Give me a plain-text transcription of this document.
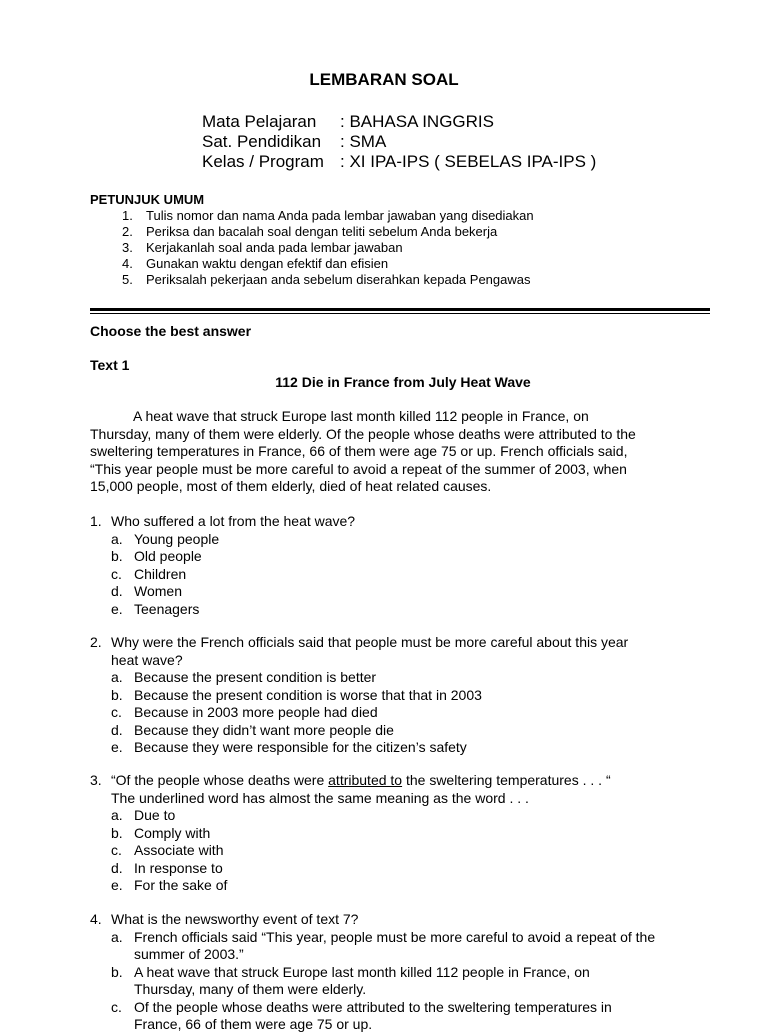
LEMBARAN SOAL
Mata Pelajaran : BAHASA INGGRIS
Sat. Pendidikan : SMA
Kelas / Program : XI IPA-IPS ( SEBELAS IPA-IPS )
PETUNJUK UMUM
1. Tulis nomor dan nama Anda pada lembar jawaban yang disediakan
2. Periksa dan bacalah soal dengan teliti sebelum Anda bekerja
3. Kerjakanlah soal anda pada lembar jawaban
4. Gunakan waktu dengan efektif dan efisien
5. Periksalah pekerjaan anda sebelum diserahkan kepada Pengawas
Choose the best answer
Text 1
112 Die in France from July Heat Wave
A heat wave that struck Europe last month killed 112 people in France, on
Thursday, many of them were elderly. Of the people whose deaths were attributed to the
sweltering temperatures in France, 66 of them were age 75 or up. French officials said,
“This year people must be more careful to avoid a repeat of the summer of 2003, when
15,000 people, most of them elderly, died of heat related causes.
1. Who suffered a lot from the heat wave?
a. Young people
b. Old people
c. Children
d. Women
e. Teenagers
2. Why were the French officials said that people must be more careful about this year
heat wave?
a. Because the present condition is better
b. Because the present condition is worse that that in 2003
c. Because in 2003 more people had died
d. Because they didn’t want more people die
e. Because they were responsible for the citizen’s safety
3. “Of the people whose deaths were attributed to the sweltering temperatures . . . “
The underlined word has almost the same meaning as the word . . .
a. Due to
b. Comply with
c. Associate with
d. In response to
e. For the sake of
4. What is the newsworthy event of text 7?
a. French officials said “This year, people must be more careful to avoid a repeat of the
summer of 2003.”
b. A heat wave that struck Europe last month killed 112 people in France, on
Thursday, many of them were elderly.
c. Of the people whose deaths were attributed to the sweltering temperatures in
France, 66 of them were age 75 or up.
